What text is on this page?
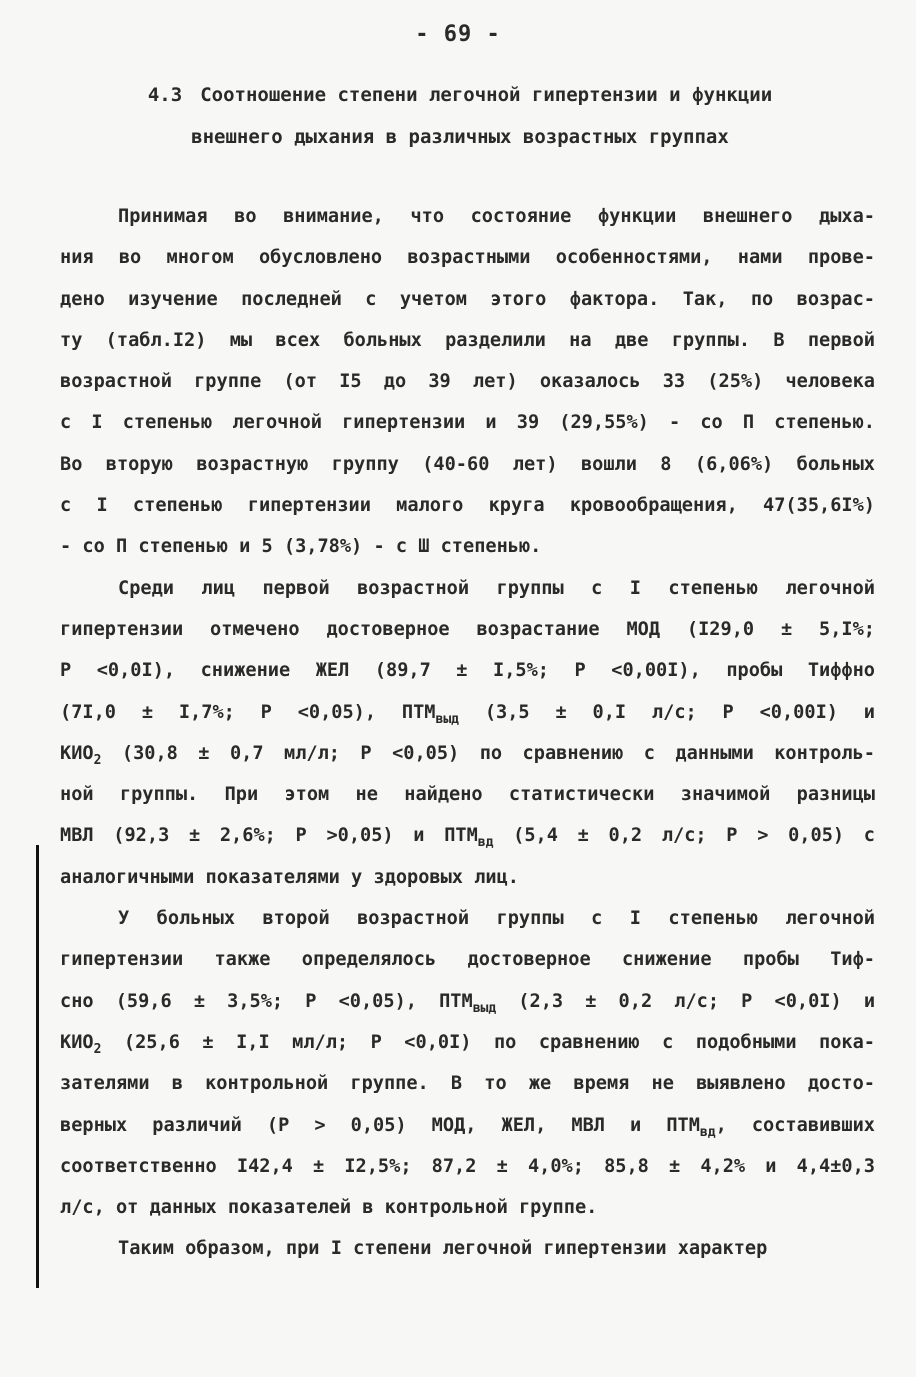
- 69 -
4.3 Соотношение степени легочной гипертензии и функции
внешнего дыхания в различных возрастных группах

Принимая во внимание, что состояние функции внешнего дыха-
ния во многом обусловлено возрастными особенностями, нами прове-
дено изучение последней с учетом этого фактора. Так, по возрас-
ту (табл.I2) мы всех больных разделили на две группы. В первой
возрастной группе (от I5 до 39 лет) оказалось 33 (25%) человека
с I степенью легочной гипертензии и 39 (29,55%) - со П степенью.
Во вторую возрастную группу (40-60 лет) вошли 8 (6,06%) больных
с I степенью гипертензии малого круга кровообращения, 47(35,6I%)
- со П степенью и 5 (3,78%) - с Ш степенью.

Среди лиц первой возрастной группы с I степенью легочной
гипертензии отмечено достоверное возрастание МОД (I29,0 ± 5,I%;
P <0,0I), снижение ЖЕЛ (89,7 ± I,5%; P <0,00I), пробы Тиффно
(7I,0 ± I,7%; P <0,05), $ПТМ_{выд}$ (3,5 ± 0,I л/с; P <0,00I) и
$КИО_2$ (30,8 ± 0,7 мл/л; P <0,05) по сравнению с данными контроль-
ной группы. При этом не найдено статистически значимой разницы
МВЛ (92,3 ± 2,6%; P >0,05) и $ПТМ_{вд}$ (5,4 ± 0,2 л/с; P > 0,05) с
аналогичными показателями у здоровых лиц.

У больных второй возрастной группы с I степенью легочной
гипертензии также определялось достоверное снижение пробы Тиф-
сно (59,6 ± 3,5%; P <0,05), $ПТМ_{выд}$ (2,3 ± 0,2 л/с; P <0,0I) и
$КИО_2$ (25,6 ± I,I мл/л; P <0,0I) по сравнению с подобными пока-
зателями в контрольной группе. В то же время не выявлено досто-
верных различий (P > 0,05) МОД, ЖЕЛ, МВЛ и $ПТМ_{вд}$, составивших
соответственно I42,4 ± I2,5%; 87,2 ± 4,0%; 85,8 ± 4,2% и 4,4±0,3
л/с, от данных показателей в контрольной группе.

Таким образом, при I степени легочной гипертензии характер
